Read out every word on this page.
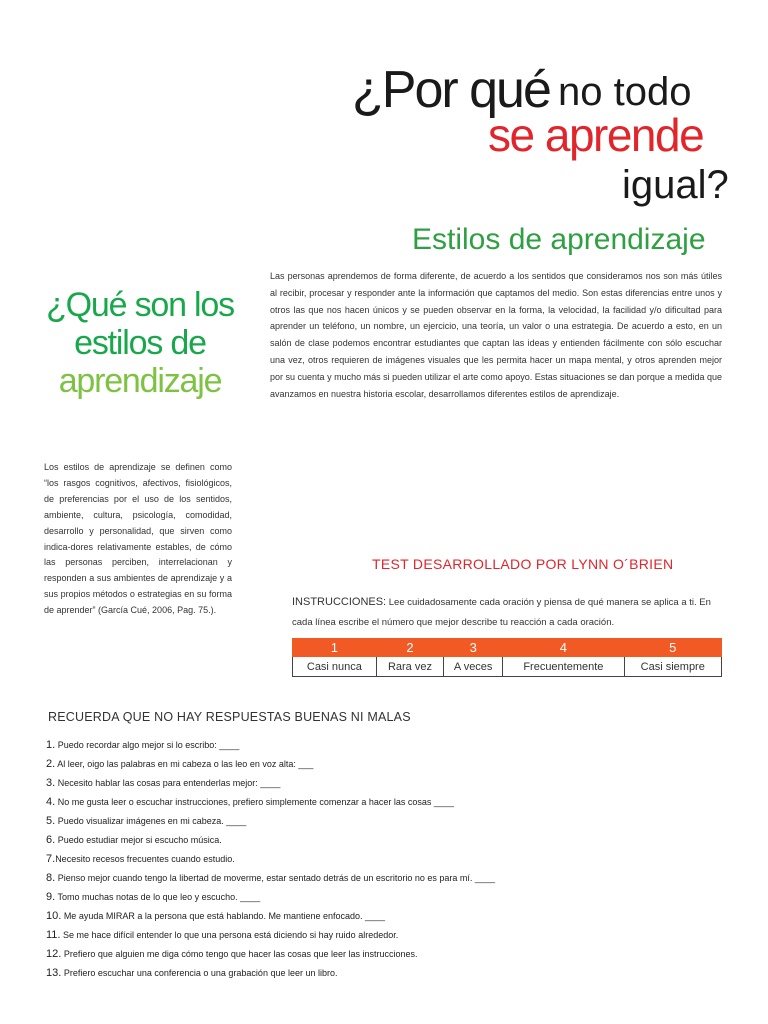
¿Por qué no todo
se aprende
igual?
Estilos de aprendizaje
¿Qué son los
estilos de
aprendizaje
Las personas aprendemos de forma diferente, de acuerdo a los sentidos que consideramos nos son más útiles al recibir, procesar y responder ante la información que captamos del medio. Son estas diferencias entre unos y otros las que nos hacen únicos y se pueden observar en la forma, la velocidad, la facilidad y/o dificultad para aprender un teléfono, un nombre, un ejercicio, una teoría, un valor o una estrategia. De acuerdo a esto, en un salón de clase podemos encontrar estudiantes que captan las ideas y entienden fácilmente con sólo escuchar una vez, otros requieren de imágenes visuales que les permita hacer un mapa mental, y otros aprenden mejor por su cuenta y mucho más si pueden utilizar el arte como apoyo. Estas situaciones se dan porque a medida que avanzamos en nuestra historia escolar, desarrollamos diferentes estilos de aprendizaje.
Los estilos de aprendizaje se definen como “los rasgos cognitivos, afectivos, fisiológicos, de preferencias por el uso de los sentidos, ambiente, cultura, psicología, comodidad, desarrollo y personalidad, que sirven como indica-dores relativamente estables, de cómo las personas perciben, interrelacionan y responden a sus ambientes de aprendizaje y a sus propios métodos o estrategias en su forma de aprender” (García Cué, 2006, Pag. 75.).
TEST DESARROLLADO POR LYNN O´BRIEN
INSTRUCCIONES: Lee cuidadosamente cada oración y piensa de qué manera se aplica a ti. En cada línea escribe el número que mejor describe tu reacción a cada oración.
1	2	3	4	5
Casi nunca	Rara vez	A veces	Frecuentemente	Casi siempre
RECUERDA QUE NO HAY RESPUESTAS BUENAS NI MALAS
1. Puedo recordar algo mejor si lo escribo: ____
2. Al leer, oigo las palabras en mi cabeza o las leo en voz alta: ___
3. Necesito hablar las cosas para entenderlas mejor: ____
4. No me gusta leer o escuchar instrucciones, prefiero simplemente comenzar a hacer las cosas ____
5. Puedo visualizar imágenes en mi cabeza. ____
6. Puedo estudiar mejor si escucho música.
7.Necesito recesos frecuentes cuando estudio.
8. Pienso mejor cuando tengo la libertad de moverme, estar sentado detrás de un escritorio no es para mí. ____
9. Tomo muchas notas de lo que leo y escucho. ____
10. Me ayuda MIRAR a la persona que está hablando. Me mantiene enfocado. ____
11. Se me hace difícil entender lo que una persona está diciendo si hay ruido alrededor.
12. Prefiero que alguien me diga cómo tengo que hacer las cosas que leer las instrucciones.
13. Prefiero escuchar una conferencia o una grabación que leer un libro.
